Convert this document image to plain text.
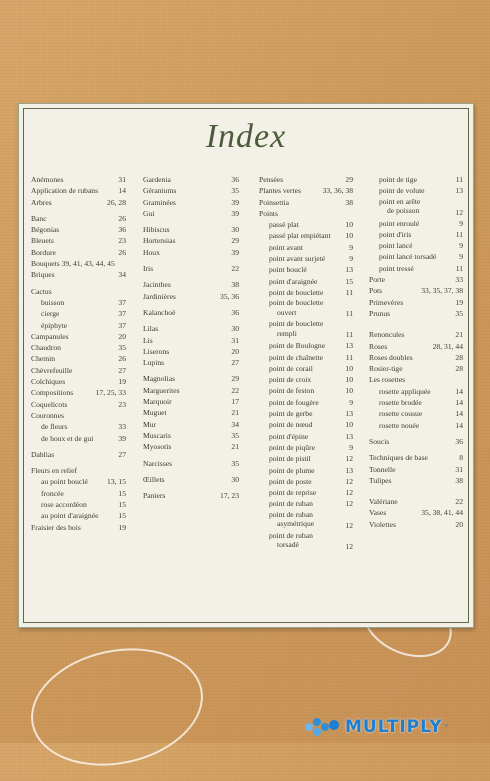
Index
Anémones	31
Application de rubans	14
Arbres	26, 28
Banc	26
Bégonias	36
Bleuets	23
Bordure	26
Bouquets 39, 41, 43, 44, 45
Briques	34
Cactus
buisson	37
cierge	37
épiphyte	37
Campanules	20
Chaudron	35
Chemin	26
Chèvrefeuille	27
Colchiques	19
Compositions	17, 25, 33
Coquelicots	23
Couronnes
de fleurs	33
de houx et de gui	39
Dahlias	27
Fleurs en relief
au point bouclé	13, 15
froncée	15
rose accordéon	15
au point d'araignée	15
Fraisier des bois	19
Gardenia	36
Géraniums	35
Graminées	39
Gui	39
Hibiscus	30
Hortensias	29
Houx	39
Iris	22
Jacinthes	38
Jardinières	35, 36
Kalanchoë	36
Lilas	30
Lis	31
Liserons	20
Lupins	27
Magnolias	29
Marguerites	22
Marquoir	17
Muguet	21
Mur	34
Muscaris	35
Myosotis	21
Narcisses	35
Œillets	30
Paniers	17, 23
Pensées	29
Plantes vertes	33, 36, 38
Poinsettia	38
Points
passé plat	10
passé plat empiétant 10
point avant	9
point avant surjeté	9
point bouclé	13
point d'araignée	15
point de bouclette	11
point de bouclette
ouvert	11
point de bouclette
rempli	11
point de Boulogne	13
point de chaînette	11
point de corail	10
point de croix	10
point de feston	10
point de fougère	9
point de gerbe	13
point de nœud	10
point d'épine	13
point de piqûre	9
point de pistil	12
point de plume	13
point de poste	12
point de reprise	12
point de ruban	12
point de ruban
asymétrique	12
point de ruban
torsadé	12
point de tige	11
point de volute	13
point en arête
de poisson	12
point enroulé	9
point d'iris	11
point lancé	9
point lancé torsadé	9
point tressé	11
Porte	33
Pots	33, 35, 37, 38
Primevères	19
Prunus	35
Renoncules	21
Roses	28, 31, 44
Roses doubles	28
Rosier-tige	28
Les rosettes
rosette appliquée	14
rosette brodée	14
rosette cousue	14
rosette nouée	14
Soucis	36
Techniques de base	8
Tonnelle	31
Tulipes	38
Valériane	22
Vases	35, 38, 41, 44
Violettes	20
MULTIPLY ™
